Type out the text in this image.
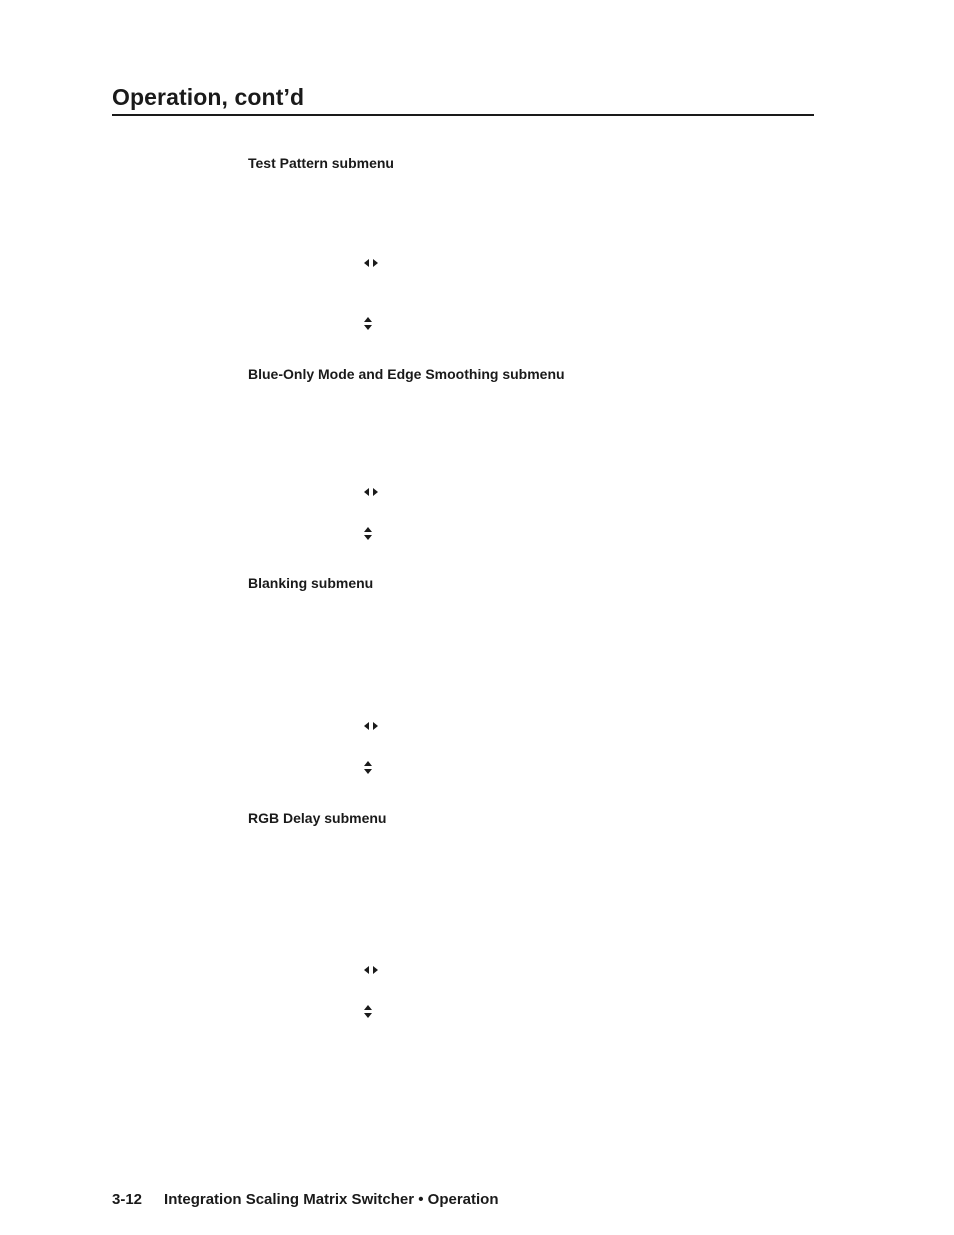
Operation, cont’d
Test Pattern submenu
Blue-Only Mode and Edge Smoothing submenu
Blanking submenu
RGB Delay submenu
3-12 Integration Scaling Matrix Switcher • Operation
